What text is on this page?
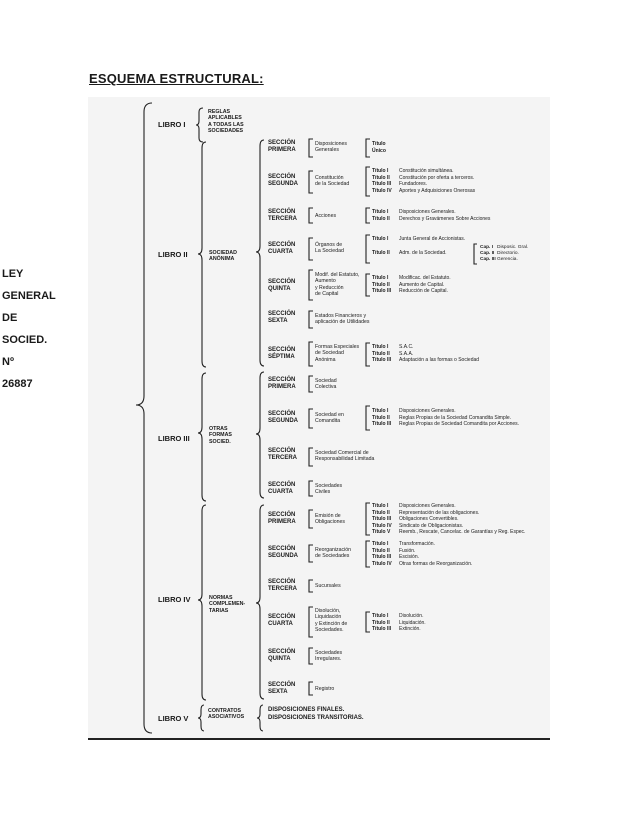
ESQUEMA ESTRUCTURAL:
LEY
GENERAL
DE
SOCIED.
Nº
26887
LIBRO I
REGLAS
APLICABLES
A TODAS LAS
SOCIEDADES
LIBRO II	SOCIEDAD
ANÓNIMA
SECCIÓN
PRIMERA
Disposiciones
Generales
Título
Único
SECCIÓN
SEGUNDA
Constitución
de la Sociedad
Título I Constitución simultánea.
Título II Constitución por oferta a terceros.
Título III Fundadores.
Título IV Aportes y Adquisiciones Onerosas
SECCIÓN
TERCERA
Acciones
Título I Disposiciones Generales.
Título II Derechos y Gravámenes Sobre Acciones
SECCIÓN
CUARTA
Órganos de
La Sociedad
Título I Junta General de Accionistas.
Título II Adm. de la Sociedad.
Cap. I Disposic. Gral.
Cap. II Directorio.
Cap. IIIGerencia.
SECCIÓN
QUINTA
Modif. del Estatuto,
Aumento
y Reducción
de Capital
Título I Modificac. del Estatuto.
Título II Aumento de Capital.
Título III Reducción de Capital.
SECCIÓN
SEXTA
Estados Financieros y
aplicación de Utilidades
SECCIÓN
SÉPTIMA
Formas Especiales
de Sociedad
Anónima
Título I S.A.C.
Título II S.A.A.
Título III Adaptación a las formas o Sociedad
LIBRO III
OTRAS
FORMAS
SOCIED.
SECCIÓN
PRIMERA
Sociedad
Colectiva
SECCIÓN
SEGUNDA
Sociedad en
Comandita
Título I Disposiciones Generales.
Título II Reglas Propias de la Sociedad Comandita Simple.
Título III Reglas Propias de Sociedad Comandita por Acciones.
SECCIÓN
TERCERA
Sociedad Comercial de
Responsabilidad Limitada
SECCIÓN
CUARTA
Sociedades
Civiles
LIBRO IV	NORMAS
COMPLEMEN-
TARIAS
SECCIÓN
PRIMERA
Emisión de
Obligaciones
Título I Disposiciones Generales.
Título II Representación de las obligaciones.
Título III Obligaciones Convertibles.
Título IV Sindicato de Obligacionistas.
Título V Reemb., Rescate, Cancelac. de Garantías y Reg. Espec.
SECCIÓN
SEGUNDA
Reorganización
de Sociedades
Título I Transformación.
Título II Fusión.
Título III Escisión.
Título IV Otras formas de Reorganización.
SECCIÓN
TERCERA
Sucursales
SECCIÓN
CUARTA
Disolución,
Liquidación
y Extinción de
Sociedades.
Título I Disolución.
Título II Liquidación.
Título III Extinción.
SECCIÓN
QUINTA
Sociedades
Irregulares.
SECCIÓN
SEXTA
Registro
LIBRO V
CONTRATOS
ASOCIATIVOS
DISPOSICIONES FINALES.
DISPOSICIONES TRANSITORIAS.
